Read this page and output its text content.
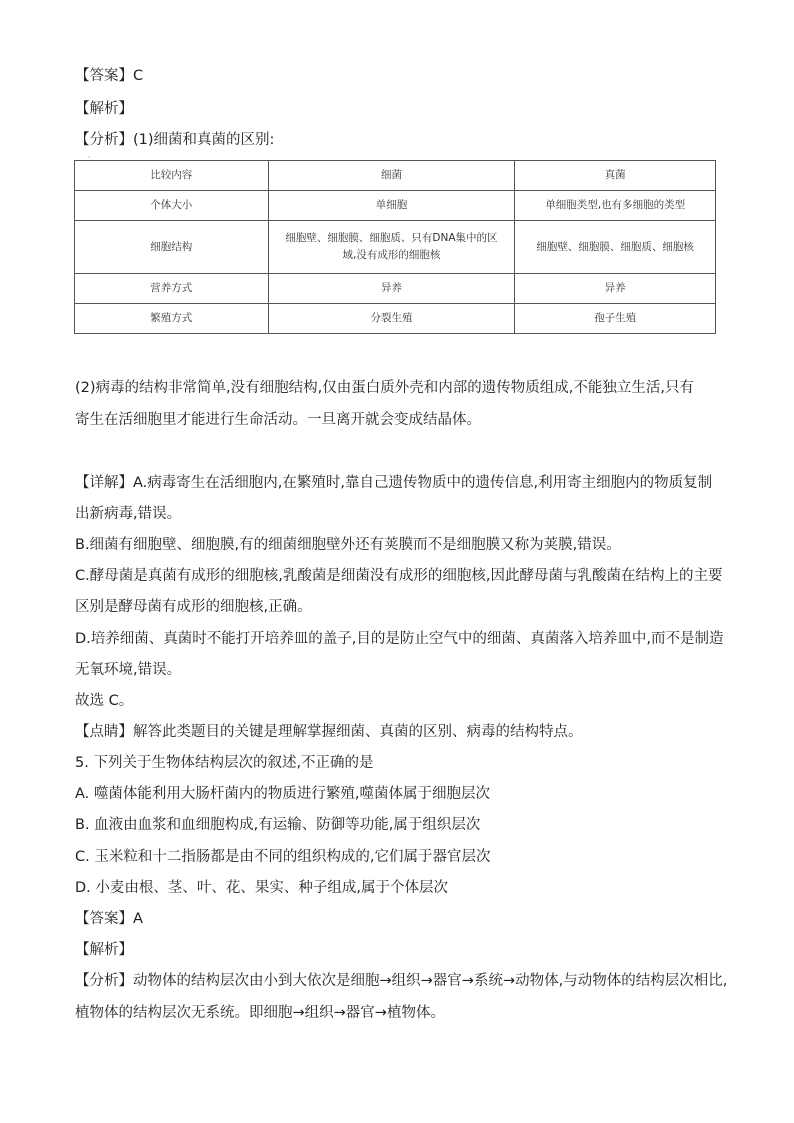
【答案】C
【解析】
【分析】(1)细菌和真菌的区别:
·
比较内容	细菌	真菌
个体大小	单细胞	单细胞类型,也有多细胞的类型
细胞结构	细胞壁、细胞膜、细胞质、只有DNA集中的区域,没有成形的细胞核	细胞壁、细胞膜、细胞质、细胞核
营养方式	异养	异养
繁殖方式	分裂生殖	孢子生殖
(2)病毒的结构非常简单,没有细胞结构,仅由蛋白质外壳和内部的遗传物质组成,不能独立生活,只有
寄生在活细胞里才能进行生命活动。一旦离开就会变成结晶体。
【详解】A.病毒寄生在活细胞内,在繁殖时,靠自己遗传物质中的遗传信息,利用寄主细胞内的物质复制
出新病毒,错误。
B.细菌有细胞壁、细胞膜,有的细菌细胞壁外还有荚膜而不是细胞膜又称为荚膜,错误。
C.酵母菌是真菌有成形的细胞核,乳酸菌是细菌没有成形的细胞核,因此酵母菌与乳酸菌在结构上的主要
区别是酵母菌有成形的细胞核,正确。
D.培养细菌、真菌时不能打开培养皿的盖子,目的是防止空气中的细菌、真菌落入培养皿中,而不是制造
无氧环境,错误。
故选 C。
【点睛】解答此类题目的关键是理解掌握细菌、真菌的区别、病毒的结构特点。
5. 下列关于生物体结构层次的叙述,不正确的是
A. 噬菌体能利用大肠杆菌内的物质进行繁殖,噬菌体属于细胞层次
B. 血液由血浆和血细胞构成,有运输、防御等功能,属于组织层次
C. 玉米粒和十二指肠都是由不同的组织构成的,它们属于器官层次
D. 小麦由根、茎、叶、花、果实、种子组成,属于个体层次
【答案】A
【解析】
【分析】动物体的结构层次由小到大依次是细胞→组织→器官→系统→动物体,与动物体的结构层次相比,
植物体的结构层次无系统。即细胞→组织→器官→植物体。
